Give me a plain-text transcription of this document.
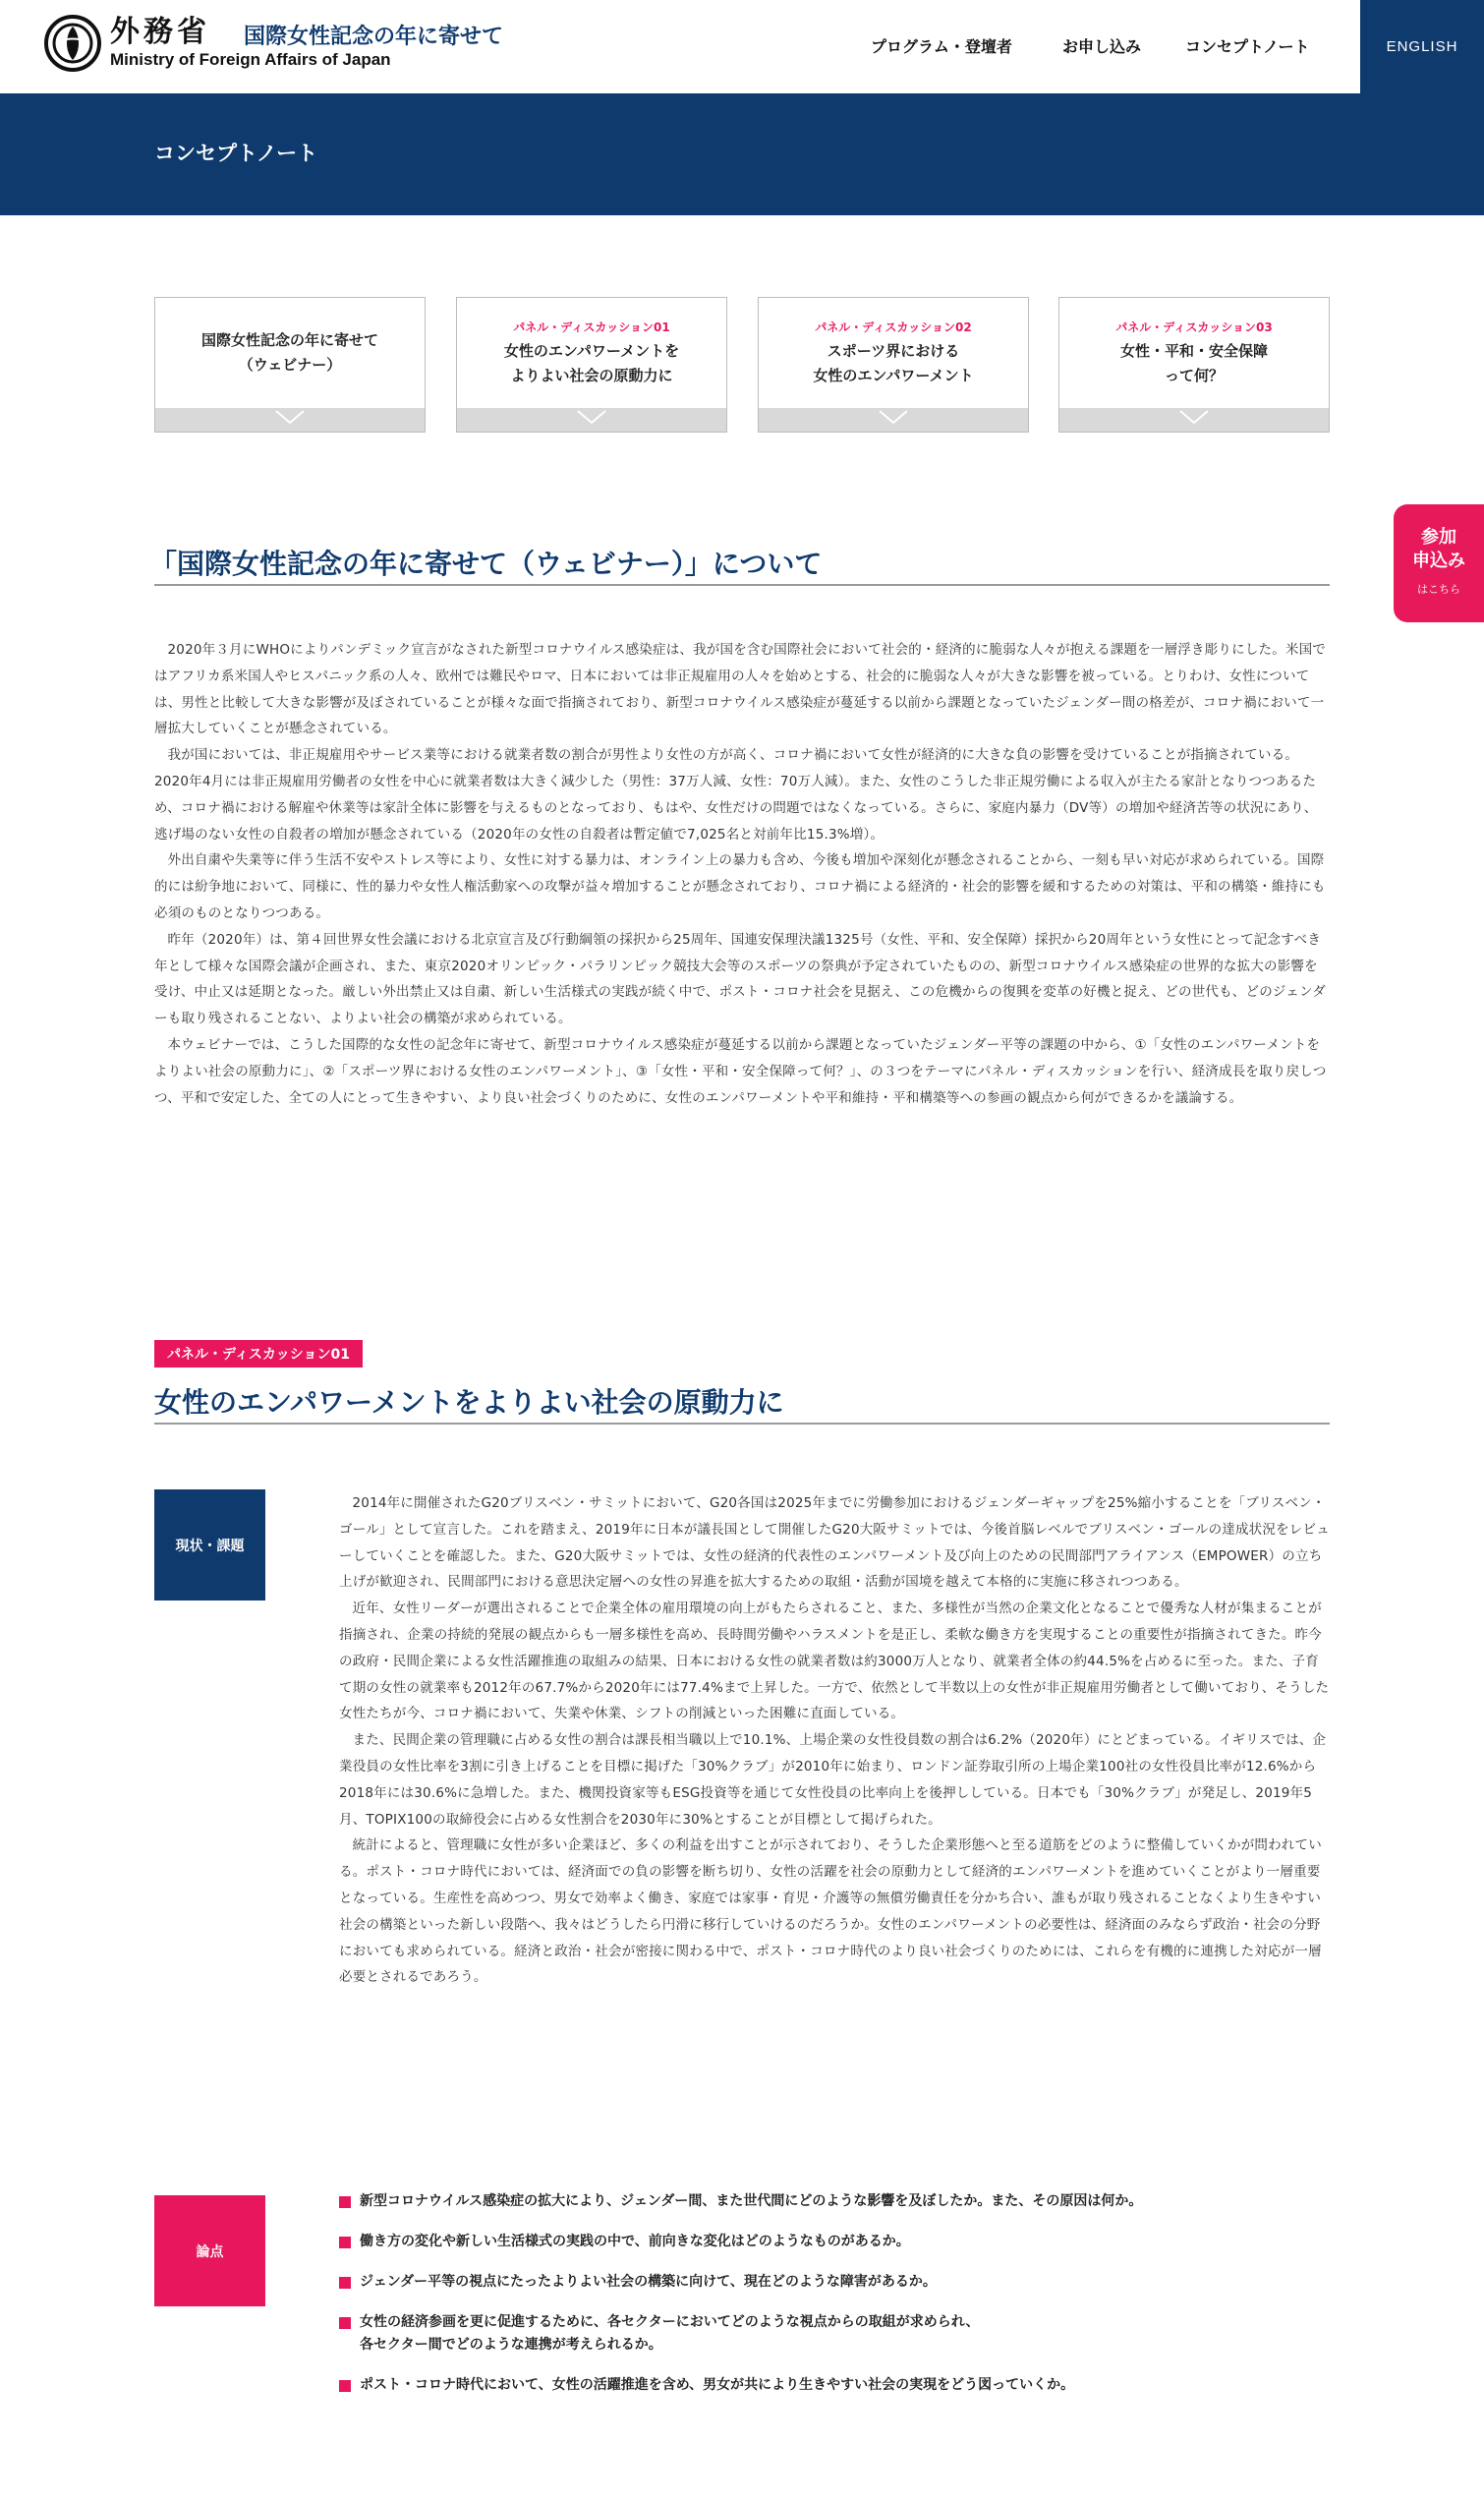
外務省
Ministry of Foreign Affairs of Japan
国際女性記念の年に寄せて	プログラム・登壇者	お申し込み	コンセプトノート	ENGLISH
コンセプトノート
国際女性記念の年に寄せて
（ウェビナー）
パネル・ディスカッション01
女性のエンパワーメントを
よりよい社会の原動力に
パネル・ディスカッション02
スポーツ界における
女性のエンパワーメント
パネル・ディスカッション03
女性・平和・安全保障
って何？
参加
申込み
はこちら
「国際女性記念の年に寄せて（ウェビナー）」について

2020年３月にWHOによりパンデミック宣言がなされた新型コロナウイルス感染症は、我が国を含む国際社会において社会的・経済的に脆弱な人々が抱える課題を一層浮き彫りにした。米国ではアフリカ系米国人やヒスパニック系の人々、欧州では難民やロマ、日本においては非正規雇用の人々を始めとする、社会的に脆弱な人々が大きな影響を被っている。とりわけ、女性については、男性と比較して大きな影響が及ぼされていることが様々な面で指摘されており、新型コロナウイルス感染症が蔓延する以前から課題となっていたジェンダー間の格差が、コロナ禍において一層拡大していくことが懸念されている。

我が国においては、非正規雇用やサービス業等における就業者数の割合が男性より女性の方が高く、コロナ禍において女性が経済的に大きな負の影響を受けていることが指摘されている。2020年4月には非正規雇用労働者の女性を中心に就業者数は大きく減少した（男性：37万人減、女性：70万人減）。また、女性のこうした非正規労働による収入が主たる家計となりつつあるため、コロナ禍における解雇や休業等は家計全体に影響を与えるものとなっており、もはや、女性だけの問題ではなくなっている。さらに、家庭内暴力（DV等）の増加や経済苦等の状況にあり、逃げ場のない女性の自殺者の増加が懸念されている（2020年の女性の自殺者は暫定値で7,025名と対前年比15.3%増）。

外出自粛や失業等に伴う生活不安やストレス等により、女性に対する暴力は、オンライン上の暴力も含め、今後も増加や深刻化が懸念されることから、一刻も早い対応が求められている。国際的には紛争地において、同様に、性的暴力や女性人権活動家への攻撃が益々増加することが懸念されており、コロナ禍による経済的・社会的影響を緩和するための対策は、平和の構築・維持にも必須のものとなりつつある。

昨年（2020年）は、第４回世界女性会議における北京宣言及び行動綱領の採択から25周年、国連安保理決議1325号（女性、平和、安全保障）採択から20周年という女性にとって記念すべき年として様々な国際会議が企画され、また、東京2020オリンピック・パラリンピック競技大会等のスポーツの祭典が予定されていたものの、新型コロナウイルス感染症の世界的な拡大の影響を受け、中止又は延期となった。厳しい外出禁止又は自粛、新しい生活様式の実践が続く中で、ポスト・コロナ社会を見据え、この危機からの復興を変革の好機と捉え、どの世代も、どのジェンダーも取り残されることない、よりよい社会の構築が求められている。

本ウェビナーでは、こうした国際的な女性の記念年に寄せて、新型コロナウイルス感染症が蔓延する以前から課題となっていたジェンダー平等の課題の中から、①「女性のエンパワーメントをよりよい社会の原動力に」、②「スポーツ界における女性のエンパワーメント」、③「女性・平和・安全保障って何？」、の３つをテーマにパネル・ディスカッションを行い、経済成長を取り戻しつつ、平和で安定した、全ての人にとって生きやすい、より良い社会づくりのために、女性のエンパワーメントや平和維持・平和構築等への参画の観点から何ができるかを議論する。

パネル・ディスカッション01
女性のエンパワーメントをよりよい社会の原動力に
現状・課題

2014年に開催されたG20ブリスベン・サミットにおいて、G20各国は2025年までに労働参加におけるジェンダーギャップを25%縮小することを「ブリスベン・ゴール」として宣言した。これを踏まえ、2019年に日本が議長国として開催したG20大阪サミットでは、今後首脳レベルでブリスベン・ゴールの達成状況をレビューしていくことを確認した。また、G20大阪サミットでは、女性の経済的代表性のエンパワーメント及び向上のための民間部門アライアンス（EMPOWER）の立ち上げが歓迎され、民間部門における意思決定層への女性の昇進を拡大するための取組・活動が国境を越えて本格的に実施に移されつつある。

近年、女性リーダーが選出されることで企業全体の雇用環境の向上がもたらされること、また、多様性が当然の企業文化となることで優秀な人材が集まることが指摘され、企業の持続的発展の観点からも一層多様性を高め、長時間労働やハラスメントを是正し、柔軟な働き方を実現することの重要性が指摘されてきた。昨今の政府・民間企業による女性活躍推進の取組みの結果、日本における女性の就業者数は約3000万人となり、就業者全体の約44.5%を占めるに至った。また、子育て期の女性の就業率も2012年の67.7%から2020年には77.4%まで上昇した。一方で、依然として半数以上の女性が非正規雇用労働者として働いており、そうした女性たちが今、コロナ禍において、失業や休業、シフトの削減といった困難に直面している。

また、民間企業の管理職に占める女性の割合は課長相当職以上で10.1%、上場企業の女性役員数の割合は6.2%（2020年）にとどまっている。イギリスでは、企業役員の女性比率を3割に引き上げることを目標に掲げた「30%クラブ」が2010年に始まり、ロンドン証券取引所の上場企業100社の女性役員比率が12.6%から2018年には30.6%に急増した。また、機関投資家等もESG投資等を通じて女性役員の比率向上を後押ししている。日本でも「30%クラブ」が発足し、2019年5月、TOPIX100の取締役会に占める女性割合を2030年に30%とすることが目標として掲げられた。

統計によると、管理職に女性が多い企業ほど、多くの利益を出すことが示されており、そうした企業形態へと至る道筋をどのように整備していくかが問われている。ポスト・コロナ時代においては、経済面での負の影響を断ち切り、女性の活躍を社会の原動力として経済的エンパワーメントを進めていくことがより一層重要となっている。生産性を高めつつ、男女で効率よく働き、家庭では家事・育児・介護等の無償労働責任を分かち合い、誰もが取り残されることなくより生きやすい社会の構築といった新しい段階へ、我々はどうしたら円滑に移行していけるのだろうか。女性のエンパワーメントの必要性は、経済面のみならず政治・社会の分野においても求められている。経済と政治・社会が密接に関わる中で、ポスト・コロナ時代のより良い社会づくりのためには、これらを有機的に連携した対応が一層必要とされるであろう。

論点
新型コロナウイルス感染症の拡大により、ジェンダー間、また世代間にどのような影響を及ぼしたか。また、その原因は何か。
働き方の変化や新しい生活様式の実践の中で、前向きな変化はどのようなものがあるか。
ジェンダー平等の視点にたったよりよい社会の構築に向けて、現在どのような障害があるか。
女性の経済参画を更に促進するために、各セクターにおいてどのような視点からの取組が求められ、
各セクター間でどのような連携が考えられるか。
ポスト・コロナ時代において、女性の活躍推進を含め、男女が共により生きやすい社会の実現をどう図っていくか。
